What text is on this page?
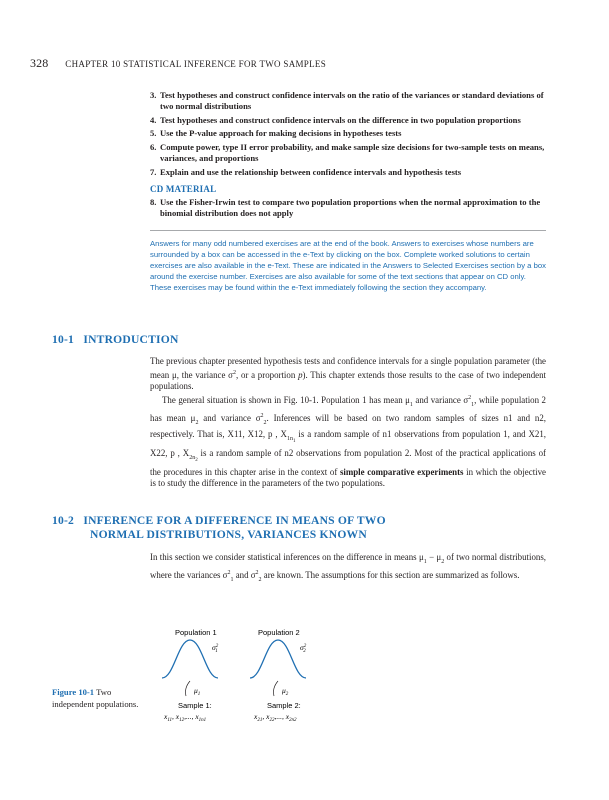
328 CHAPTER 10 STATISTICAL INFERENCE FOR TWO SAMPLES
3. Test hypotheses and construct confidence intervals on the ratio of the variances or standard deviations of two normal distributions
4. Test hypotheses and construct confidence intervals on the difference in two population proportions
5. Use the P-value approach for making decisions in hypotheses tests
6. Compute power, type II error probability, and make sample size decisions for two-sample tests on means, variances, and proportions
7. Explain and use the relationship between confidence intervals and hypothesis tests
CD MATERIAL
8. Use the Fisher-Irwin test to compare two population proportions when the normal approximation to the binomial distribution does not apply
Answers for many odd numbered exercises are at the end of the book. Answers to exercises whose numbers are surrounded by a box can be accessed in the e-Text by clicking on the box. Complete worked solutions to certain exercises are also available in the e-Text. These are indicated in the Answers to Selected Exercises section by a box around the exercise number. Exercises are also available for some of the text sections that appear on CD only. These exercises may be found within the e-Text immediately following the section they accompany.
10-1 INTRODUCTION

The previous chapter presented hypothesis tests and confidence intervals for a single population parameter (the mean μ, the variance $\sigma^2$, or a proportion p). This chapter extends those results to the case of two independent populations.

The general situation is shown in Fig. 10-1. Population 1 has mean $\mu_1$ and variance $\sigma^2_1$, while population 2 has mean $\mu_2$ and variance $\sigma^2_2$. Inferences will be based on two random samples of sizes n1 and n2, respectively. That is, X11, X12, p , $X_{1n_1}$ is a random sample of n1 observations from population 1, and X21, X22, p , $X_{2n_2}$ is a random sample of n2 observations from population 2. Most of the practical applications of the procedures in this chapter arise in the context of simple comparative experiments in which the objective is to study the difference in the parameters of the two populations.

10-2 INFERENCE FOR A DIFFERENCE IN MEANS OF TWO
NORMAL DISTRIBUTIONS, VARIANCES KNOWN

In this section we consider statistical inferences on the difference in means $\mu_1 - \mu_2$ of two normal distributions, where the variances $\sigma^2_1$ and $\sigma^2_2$ are known. The assumptions for this section are summarized as follows.

Figure 10-1 Two independent populations.
Population 1	Population 2
$\sigma^2$ 1	$\sigma^2$ 2
$\mu_1$	$\mu_2$
Sample 1:	Sample 2:
$x_{11}$, $x_{12}$,..., $x_{1n1}$	$x_{21}$, $x_{22}$,..., $x_{2n2}$
